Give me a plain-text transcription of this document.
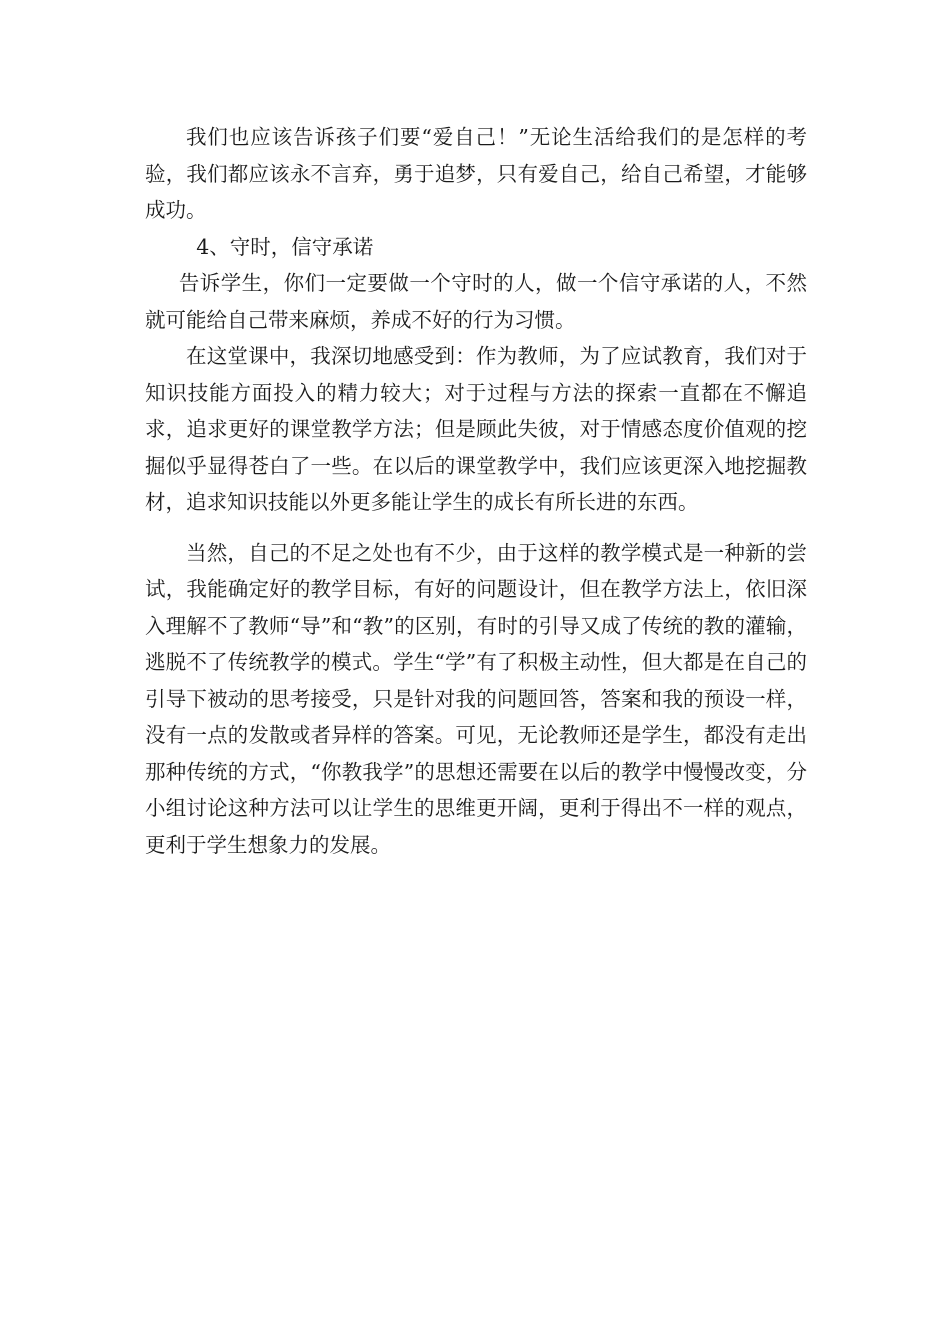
我们也应该告诉孩子们要“爱自己！”无论生活给我们的是怎样的考验，我们都应该永不言弃，勇于追梦，只有爱自己，给自己希望，才能够成功。

4、守时，信守承诺

告诉学生，你们一定要做一个守时的人，做一个信守承诺的人，不然就可能给自己带来麻烦，养成不好的行为习惯。

在这堂课中，我深切地感受到：作为教师，为了应试教育，我们对于知识技能方面投入的精力较大；对于过程与方法的探索一直都在不懈追求，追求更好的课堂教学方法；但是顾此失彼，对于情感态度价值观的挖掘似乎显得苍白了一些。在以后的课堂教学中，我们应该更深入地挖掘教材，追求知识技能以外更多能让学生的成长有所长进的东西。

当然，自己的不足之处也有不少，由于这样的教学模式是一种新的尝试，我能确定好的教学目标，有好的问题设计，但在教学方法上，依旧深入理解不了教师“导”和“教”的区别，有时的引导又成了传统的教的灌输，逃脱不了传统教学的模式。学生“学”有了积极主动性，但大都是在自己的引导下被动的思考接受，只是针对我的问题回答，答案和我的预设一样，没有一点的发散或者异样的答案。可见，无论教师还是学生，都没有走出那种传统的方式，“你教我学”的思想还需要在以后的教学中慢慢改变，分小组讨论这种方法可以让学生的思维更开阔，更利于得出不一样的观点，更利于学生想象力的发展。
